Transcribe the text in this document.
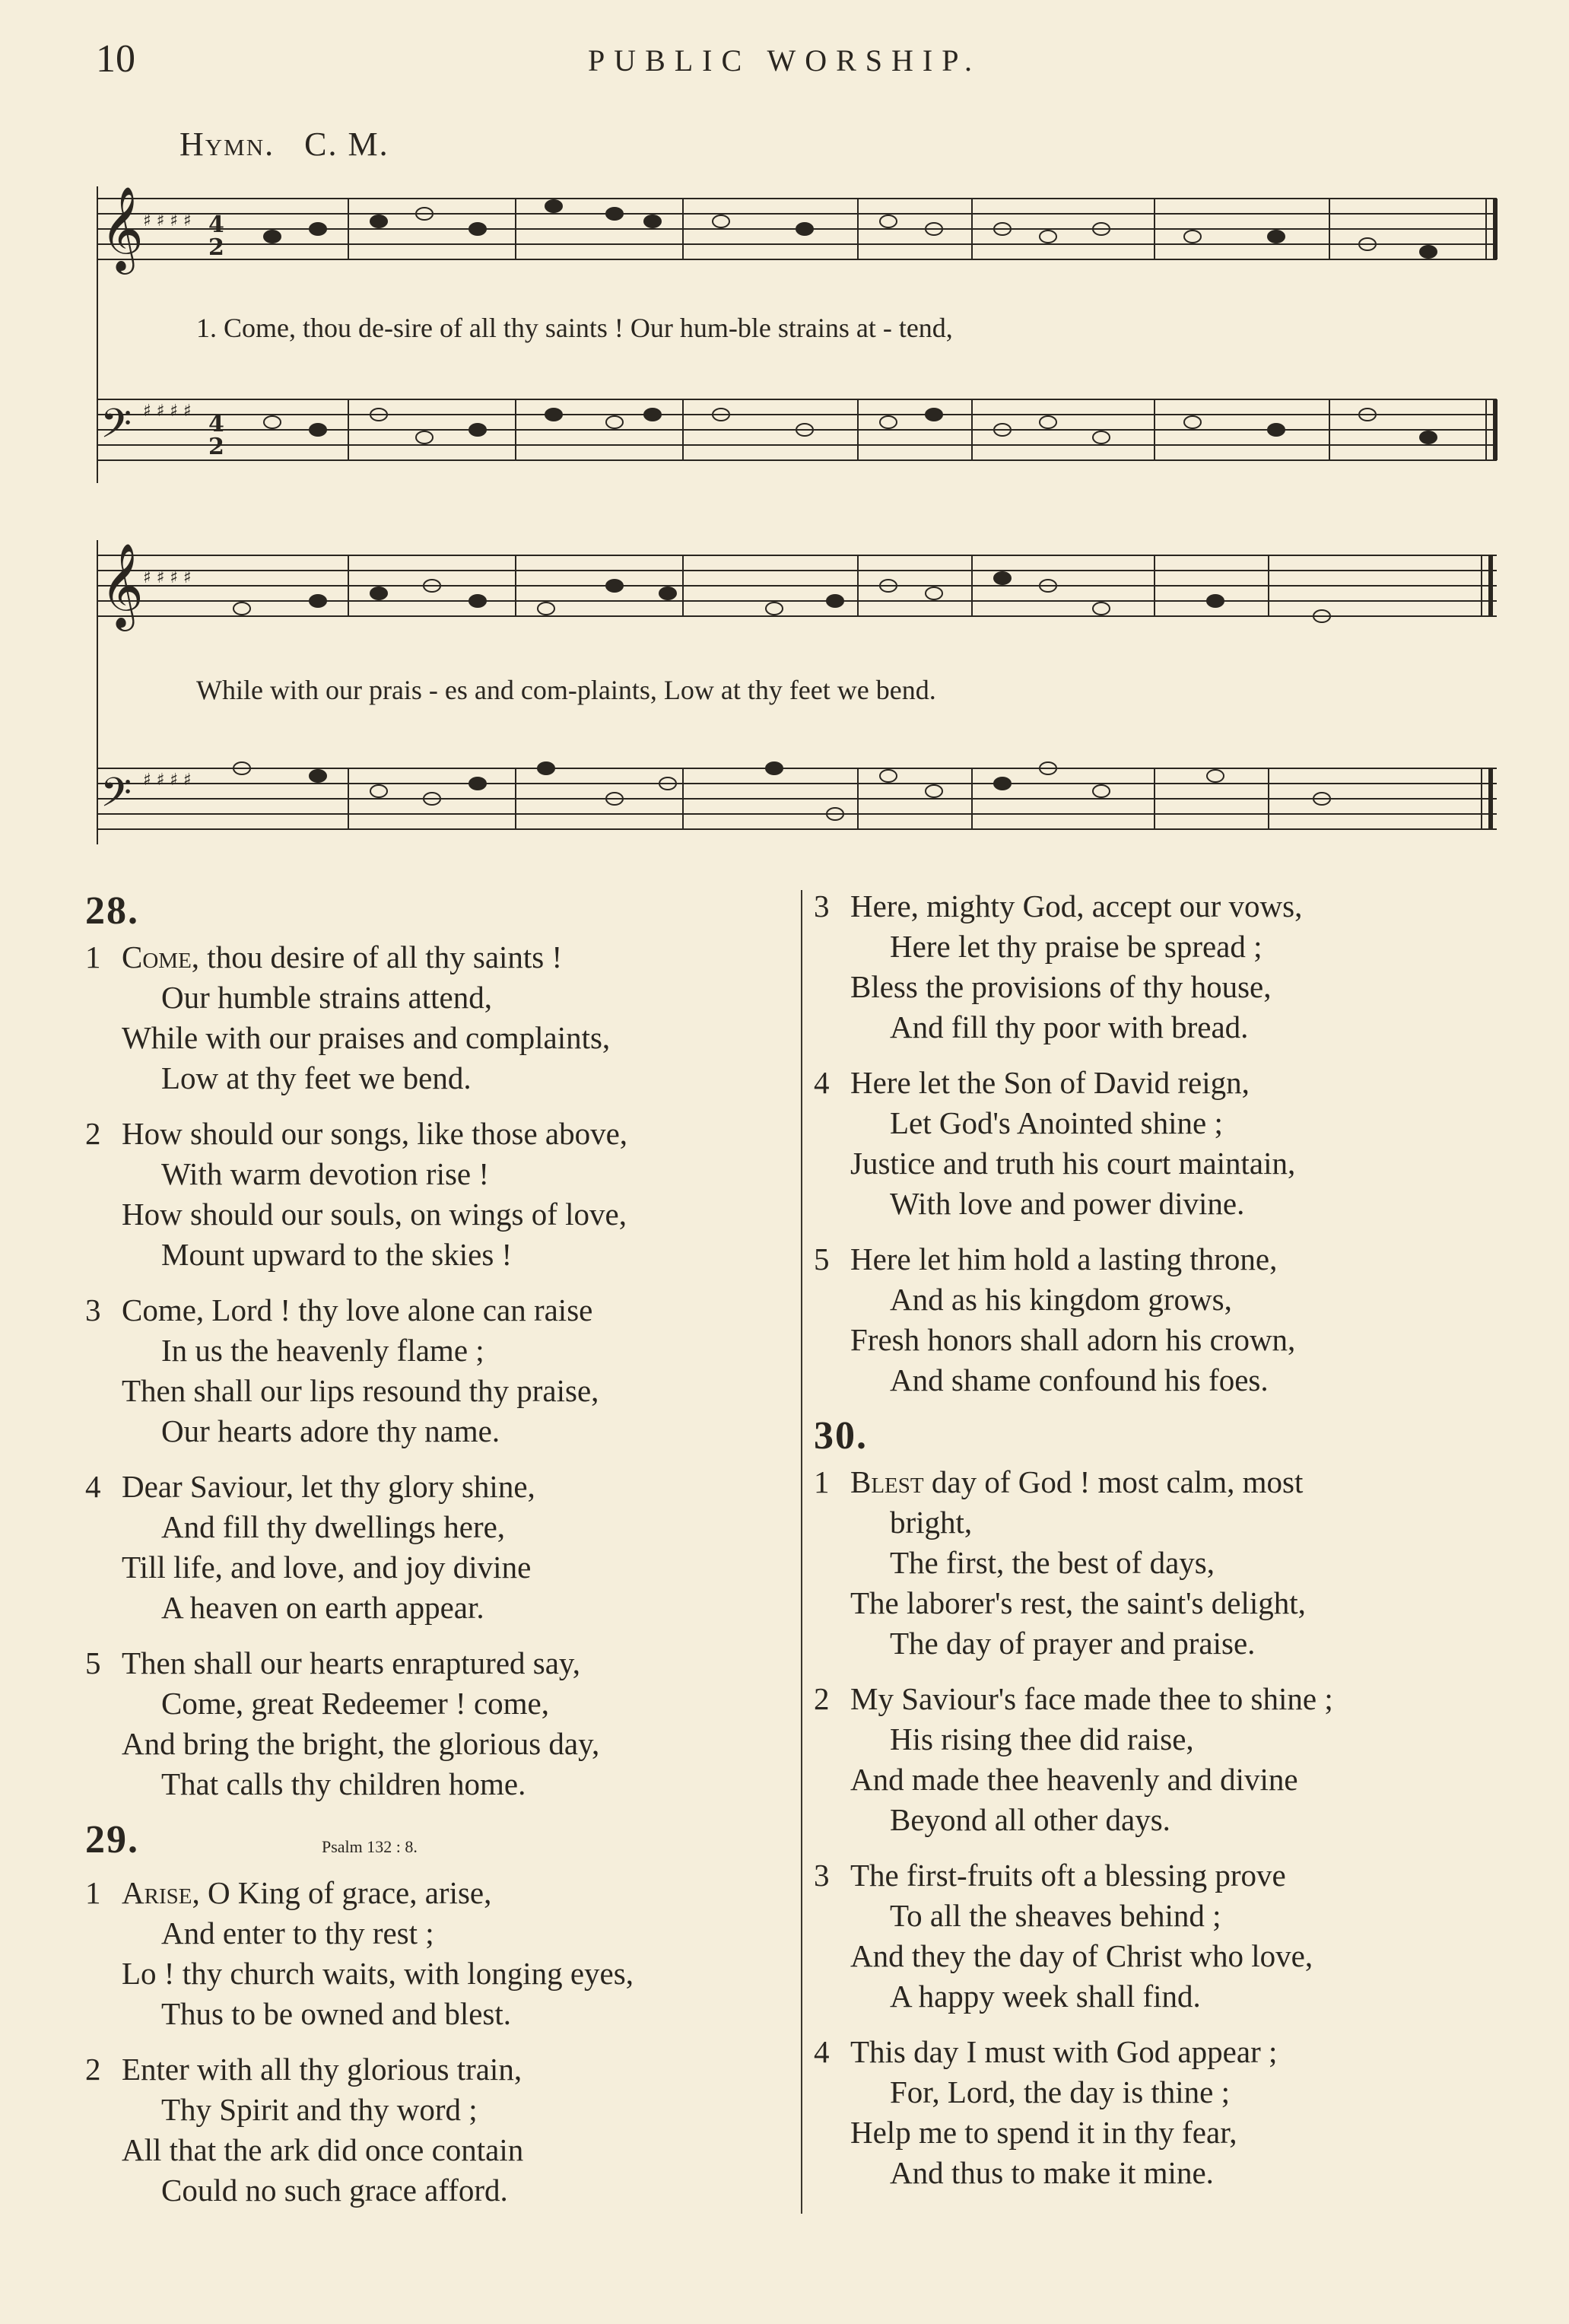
10	PUBLIC WORSHIP.
Hymn. C. M.
𝄞 ♯ ♯ ♯ ♯ 4
2
𝄢 ♯ ♯ ♯ ♯ 4
2
1. Come, thou de-sire of all thy saints ! Our hum-ble strains at - tend,
𝄞 ♯ ♯ ♯ ♯
𝄢 ♯ ♯ ♯ ♯
While with our prais - es and com-plaints, Low at thy feet we bend.
28.
1 Come, thou desire of all thy saints !
Our humble strains attend,
While with our praises and complaints,
Low at thy feet we bend.
2 How should our songs, like those above,
With warm devotion rise !
How should our souls, on wings of love,
Mount upward to the skies !
3 Come, Lord ! thy love alone can raise
In us the heavenly flame ;
Then shall our lips resound thy praise,
Our hearts adore thy name.
4 Dear Saviour, let thy glory shine,
And fill thy dwellings here,
Till life, and love, and joy divine
A heaven on earth appear.
5 Then shall our hearts enraptured say,
Come, great Redeemer ! come,
And bring the bright, the glorious day,
That calls thy children home.
29.	Psalm 132 : 8.
1 Arise, O King of grace, arise,
And enter to thy rest ;
Lo ! thy church waits, with longing eyes,
Thus to be owned and blest.
2 Enter with all thy glorious train,
Thy Spirit and thy word ;
All that the ark did once contain
Could no such grace afford.
3 Here, mighty God, accept our vows,
Here let thy praise be spread ;
Bless the provisions of thy house,
And fill thy poor with bread.
4 Here let the Son of David reign,
Let God's Anointed shine ;
Justice and truth his court maintain,
With love and power divine.
5 Here let him hold a lasting throne,
And as his kingdom grows,
Fresh honors shall adorn his crown,
And shame confound his foes.
30.
1 Blest day of God ! most calm, most
bright,
The first, the best of days,
The laborer's rest, the saint's delight,
The day of prayer and praise.
2 My Saviour's face made thee to shine ;
His rising thee did raise,
And made thee heavenly and divine
Beyond all other days.
3 The first-fruits oft a blessing prove
To all the sheaves behind ;
And they the day of Christ who love,
A happy week shall find.
4 This day I must with God appear ;
For, Lord, the day is thine ;
Help me to spend it in thy fear,
And thus to make it mine.
